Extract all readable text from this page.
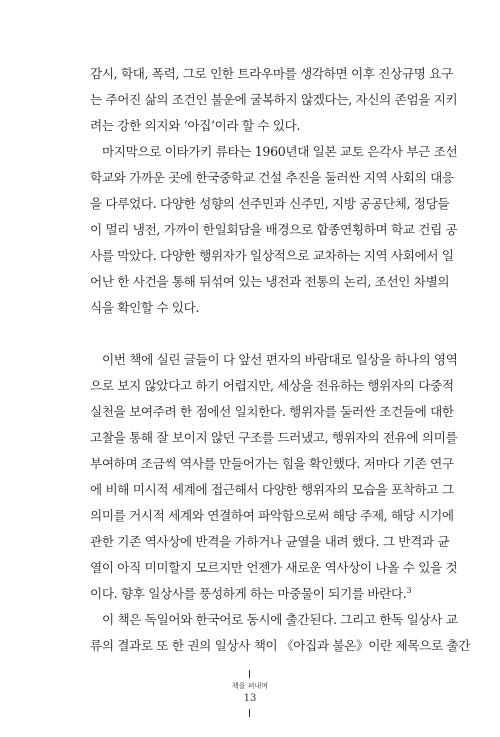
감시, 학대, 폭력, 그로 인한 트라우마를 생각하면 이후 진상규명 요구
는 주어진 삶의 조건인 불운에 굴복하지 않겠다는, 자신의 존엄을 지키
려는 강한 의지와 ‘아집’이라 할 수 있다.
마지막으로 이타가키 류타는 1960년대 일본 교토 은각사 부근 조선
학교와 가까운 곳에 한국중학교 건설 추진을 둘러싼 지역 사회의 대응
을 다루었다. 다양한 성향의 선주민과 신주민, 지방 공공단체, 정당들
이 멀리 냉전, 가까이 한일회담을 배경으로 합종연횡하며 학교 건립 공
사를 막았다. 다양한 행위자가 일상적으로 교차하는 지역 사회에서 일
어난 한 사건을 통해 뒤섞여 있는 냉전과 전통의 논리, 조선인 차별의
식을 확인할 수 있다.
이번 책에 실린 글들이 다 앞선 편자의 바람대로 일상을 하나의 영역
으로 보지 않았다고 하기 어렵지만, 세상을 전유하는 행위자의 다중적
실천을 보여주려 한 점에선 일치한다. 행위자를 둘러싼 조건들에 대한
고찰을 통해 잘 보이지 않던 구조를 드러냈고, 행위자의 전유에 의미를
부여하며 조금씩 역사를 만들어가는 힘을 확인했다. 저마다 기존 연구
에 비해 미시적 세계에 접근해서 다양한 행위자의 모습을 포착하고 그
의미를 거시적 세계와 연결하여 파악함으로써 해당 주제, 해당 시기에
관한 기존 역사상에 반격을 가하거나 균열을 내려 했다. 그 반격과 균
열이 아직 미미할지 모르지만 언젠가 새로운 역사상이 나올 수 있을 것
이다. 향후 일상사를 풍성하게 하는 마중물이 되기를 바란다.$^3$
이 책은 독일어와 한국어로 동시에 출간된다. 그리고 한독 일상사 교
류의 결과로 또 한 권의 일상사 책이 《아집과 불온》이란 제목으로 출간
책을 펴내며
13
